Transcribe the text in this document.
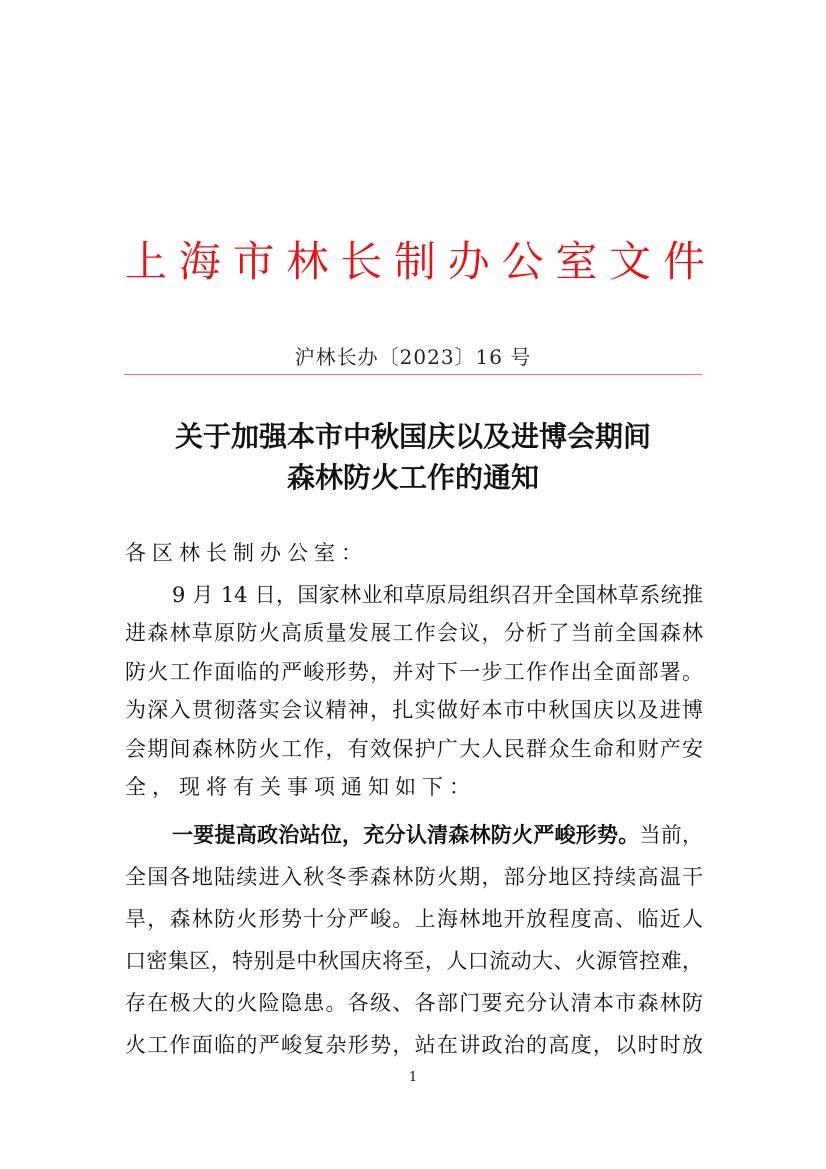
上海市林长制办公室文件
沪林长办〔2023〕16 号
关于加强本市中秋国庆以及进博会期间
森林防火工作的通知
各区林长制办公室：
9 月 14 日，国家林业和草原局组织召开全国林草系统推
进森林草原防火高质量发展工作会议，分析了当前全国森林
防火工作面临的严峻形势，并对下一步工作作出全面部署。
为深入贯彻落实会议精神，扎实做好本市中秋国庆以及进博
会期间森林防火工作，有效保护广大人民群众生命和财产安
全，现将有关事项通知如下：
一要提高政治站位，充分认清森林防火严峻形势。当前，
全国各地陆续进入秋冬季森林防火期，部分地区持续高温干
旱，森林防火形势十分严峻。上海林地开放程度高、临近人
口密集区，特别是中秋国庆将至，人口流动大、火源管控难，
存在极大的火险隐患。各级、各部门要充分认清本市森林防
火工作面临的严峻复杂形势，站在讲政治的高度，以时时放
1
